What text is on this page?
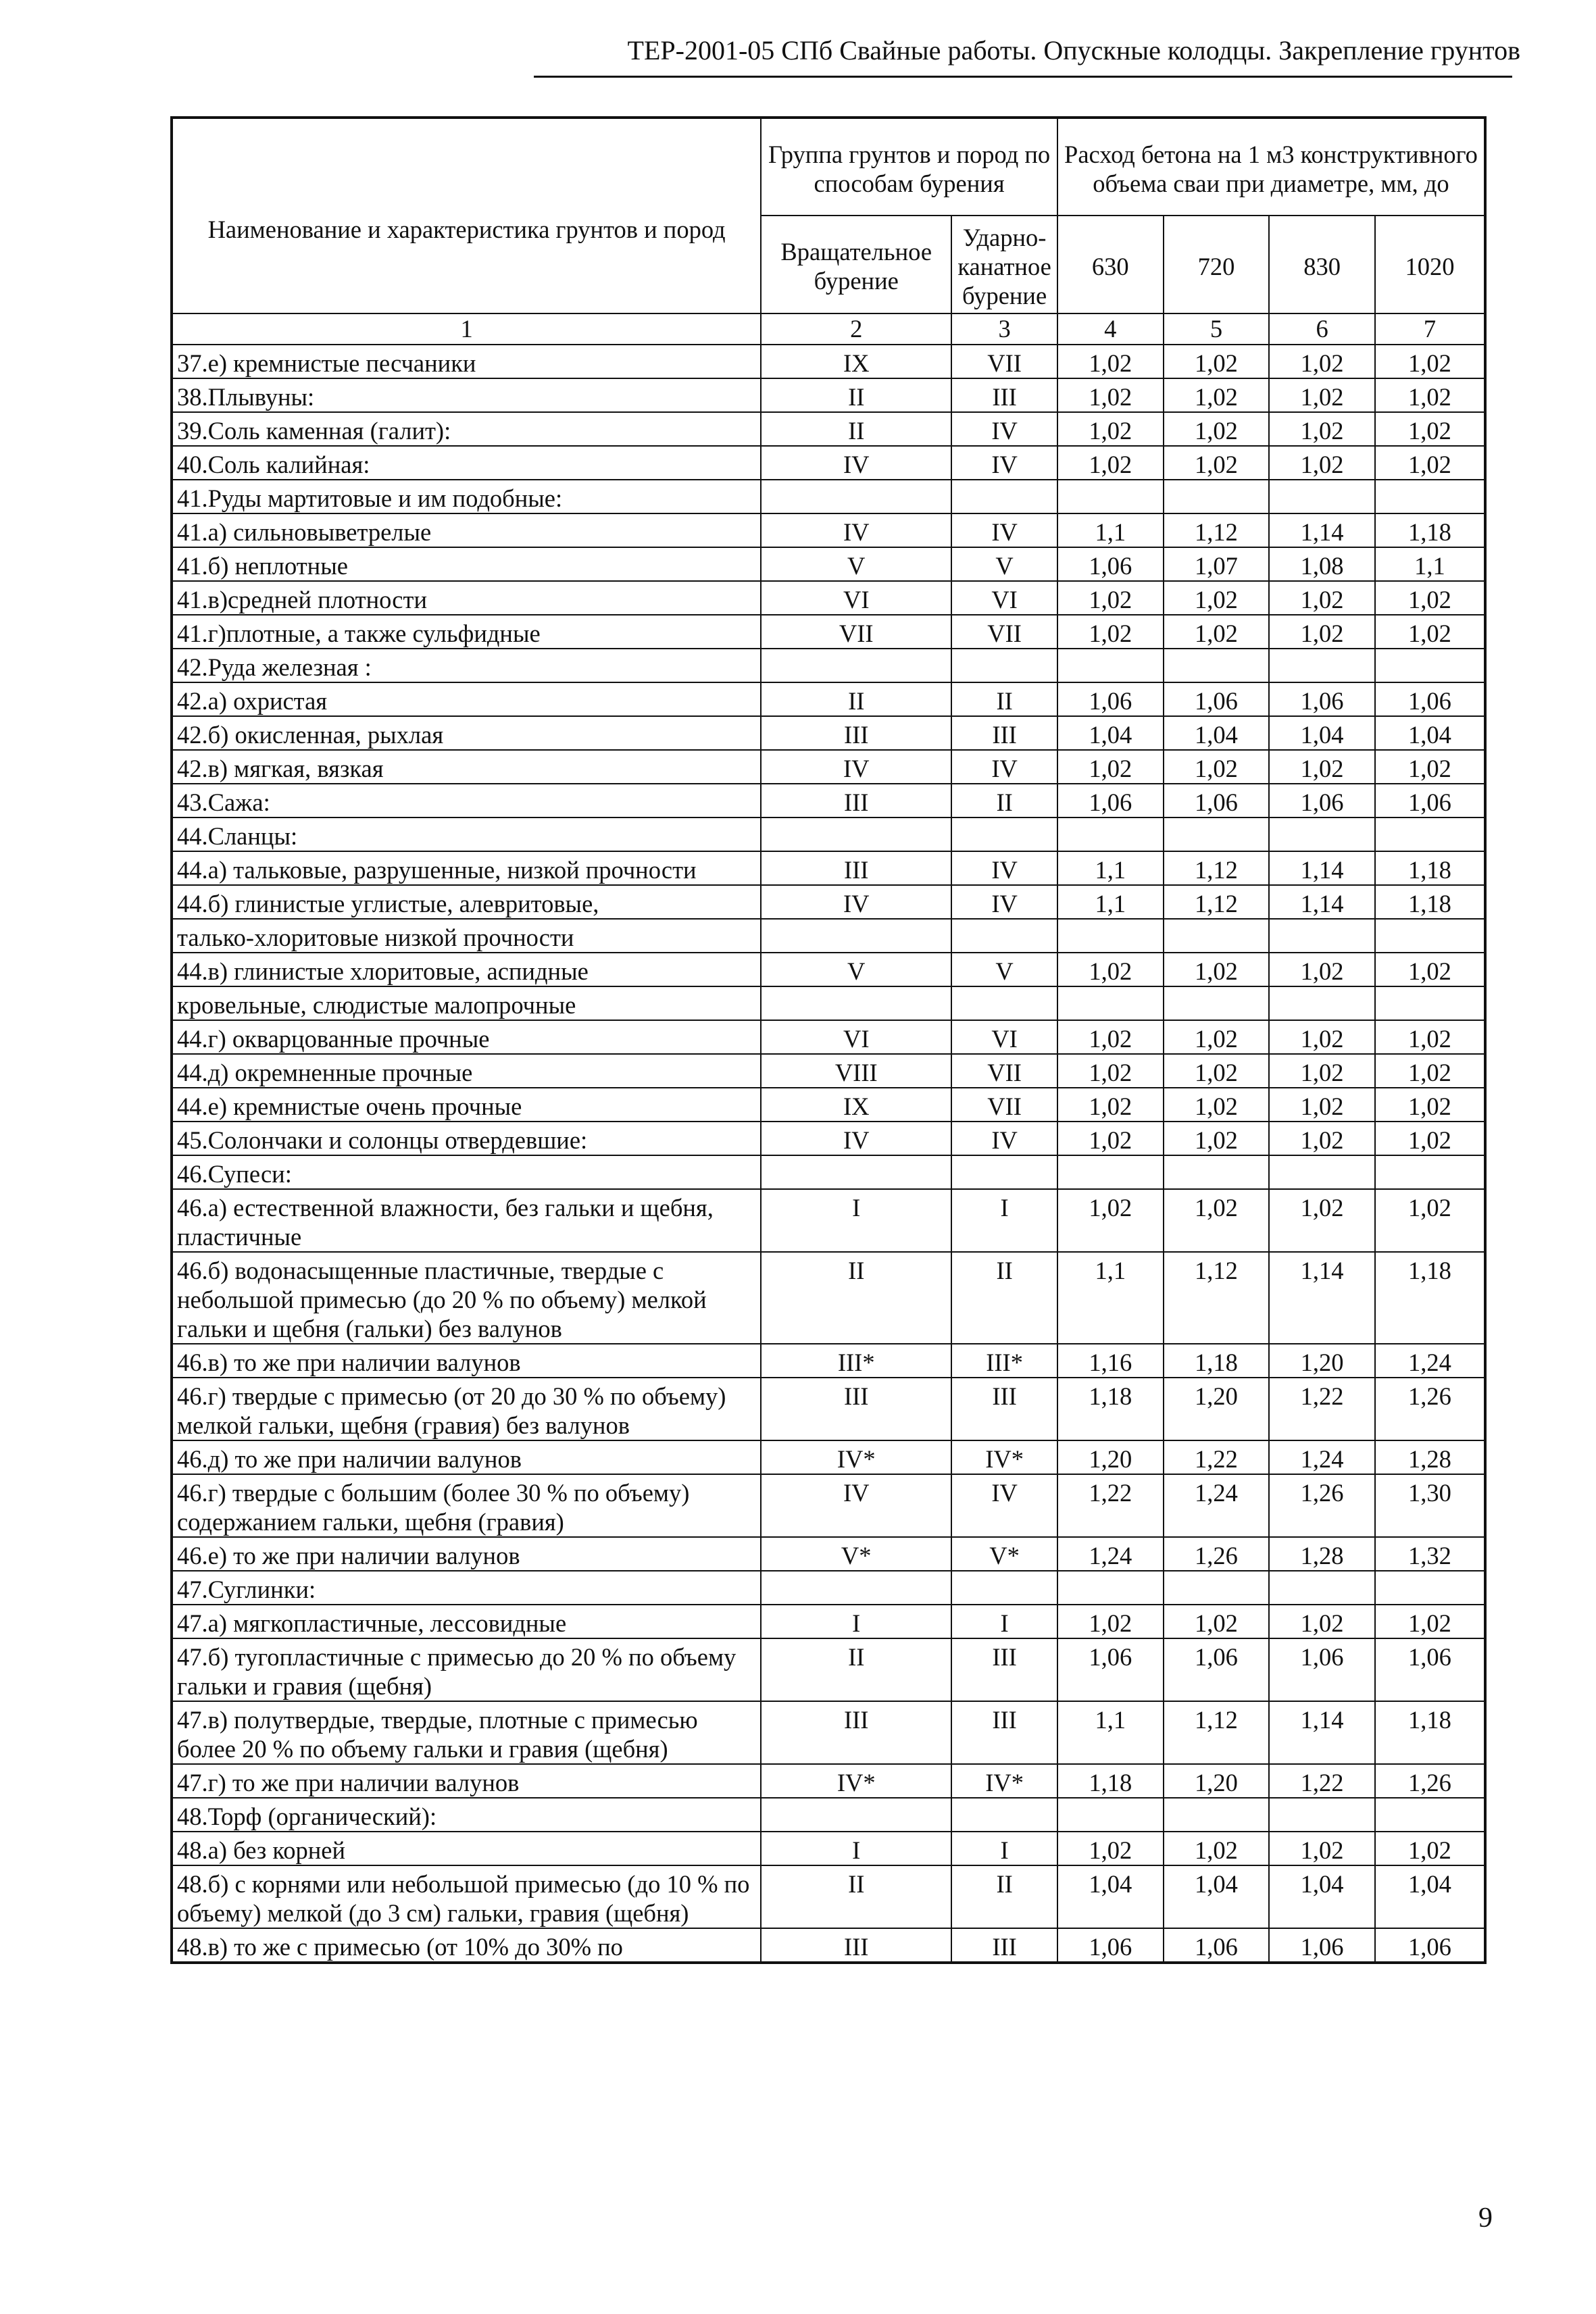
ТЕР-2001-05 СПб Свайные работы. Опускные колодцы. Закрепление грунтов
Наименование и характеристика грунтов и пород	Группа грунтов и пород по способам бурения		Расход бетона на 1 м3 конструктивного объема сваи при диаметре, мм, до			
	Вращательное бурение	Ударно-канатное бурение	630	720	830	1020
1	2	3	4	5	6	7
37.е) кремнистые песчаники	IX	VII	1,02	1,02	1,02	1,02
38.Плывуны:	II	III	1,02	1,02	1,02	1,02
39.Соль каменная (галит):	II	IV	1,02	1,02	1,02	1,02
40.Соль калийная:	IV	IV	1,02	1,02	1,02	1,02
41.Руды мартитовые и им подобные:						
41.а) сильновыветрелые	IV	IV	1,1	1,12	1,14	1,18
41.б) неплотные	V	V	1,06	1,07	1,08	1,1
41.в)средней плотности	VI	VI	1,02	1,02	1,02	1,02
41.г)плотные, а также сульфидные	VII	VII	1,02	1,02	1,02	1,02
42.Руда железная :						
42.а) охристая	II	II	1,06	1,06	1,06	1,06
42.б) окисленная, рыхлая	III	III	1,04	1,04	1,04	1,04
42.в) мягкая, вязкая	IV	IV	1,02	1,02	1,02	1,02
43.Сажа:	III	II	1,06	1,06	1,06	1,06
44.Сланцы:						
44.а) тальковые, разрушенные, низкой прочности	III	IV	1,1	1,12	1,14	1,18
44.б) глинистые углистые, алевритовые,	IV	IV	1,1	1,12	1,14	1,18
талько-хлоритовые низкой прочности						
44.в) глинистые хлоритовые, аспидные	V	V	1,02	1,02	1,02	1,02
кровельные, слюдистые малопрочные						
44.г) окварцованные прочные	VI	VI	1,02	1,02	1,02	1,02
44.д) окремненные прочные	VIII	VII	1,02	1,02	1,02	1,02
44.е) кремнистые очень прочные	IX	VII	1,02	1,02	1,02	1,02
45.Солончаки и солонцы отвердевшие:	IV	IV	1,02	1,02	1,02	1,02
46.Супеси:						
46.а) естественной влажности, без гальки и щебня, пластичные	I	I	1,02	1,02	1,02	1,02
46.б) водонасыщенные пластичные, твердые с небольшой примесью (до 20 % по объему) мелкой гальки и щебня (гальки) без валунов	II	II	1,1	1,12	1,14	1,18
46.в) то же при наличии валунов	III*	III*	1,16	1,18	1,20	1,24
46.г) твердые с примесью (от 20 до 30 % по объему) мелкой гальки, щебня (гравия) без валунов	III	III	1,18	1,20	1,22	1,26
46.д) то же при наличии валунов	IV*	IV*	1,20	1,22	1,24	1,28
46.г) твердые с большим (более 30 % по объему) содержанием гальки, щебня (гравия)	IV	IV	1,22	1,24	1,26	1,30
46.е) то же при наличии валунов	V*	V*	1,24	1,26	1,28	1,32
47.Суглинки:						
47.а) мягкопластичные, лессовидные	I	I	1,02	1,02	1,02	1,02
47.б) тугопластичные с примесью до 20 % по объему гальки и гравия (щебня)	II	III	1,06	1,06	1,06	1,06
47.в) полутвердые, твердые, плотные с примесью более 20 % по объему гальки и гравия (щебня)	III	III	1,1	1,12	1,14	1,18
47.г) то же при наличии валунов	IV*	IV*	1,18	1,20	1,22	1,26
48.Торф (органический):						
48.а) без корней	I	I	1,02	1,02	1,02	1,02
48.б) с корнями или небольшой примесью (до 10 % по объему) мелкой (до 3 см) гальки, гравия (щебня)	II	II	1,04	1,04	1,04	1,04
48.в) то же с примесью (от 10% до 30% по	III	III	1,06	1,06	1,06	1,06
9
